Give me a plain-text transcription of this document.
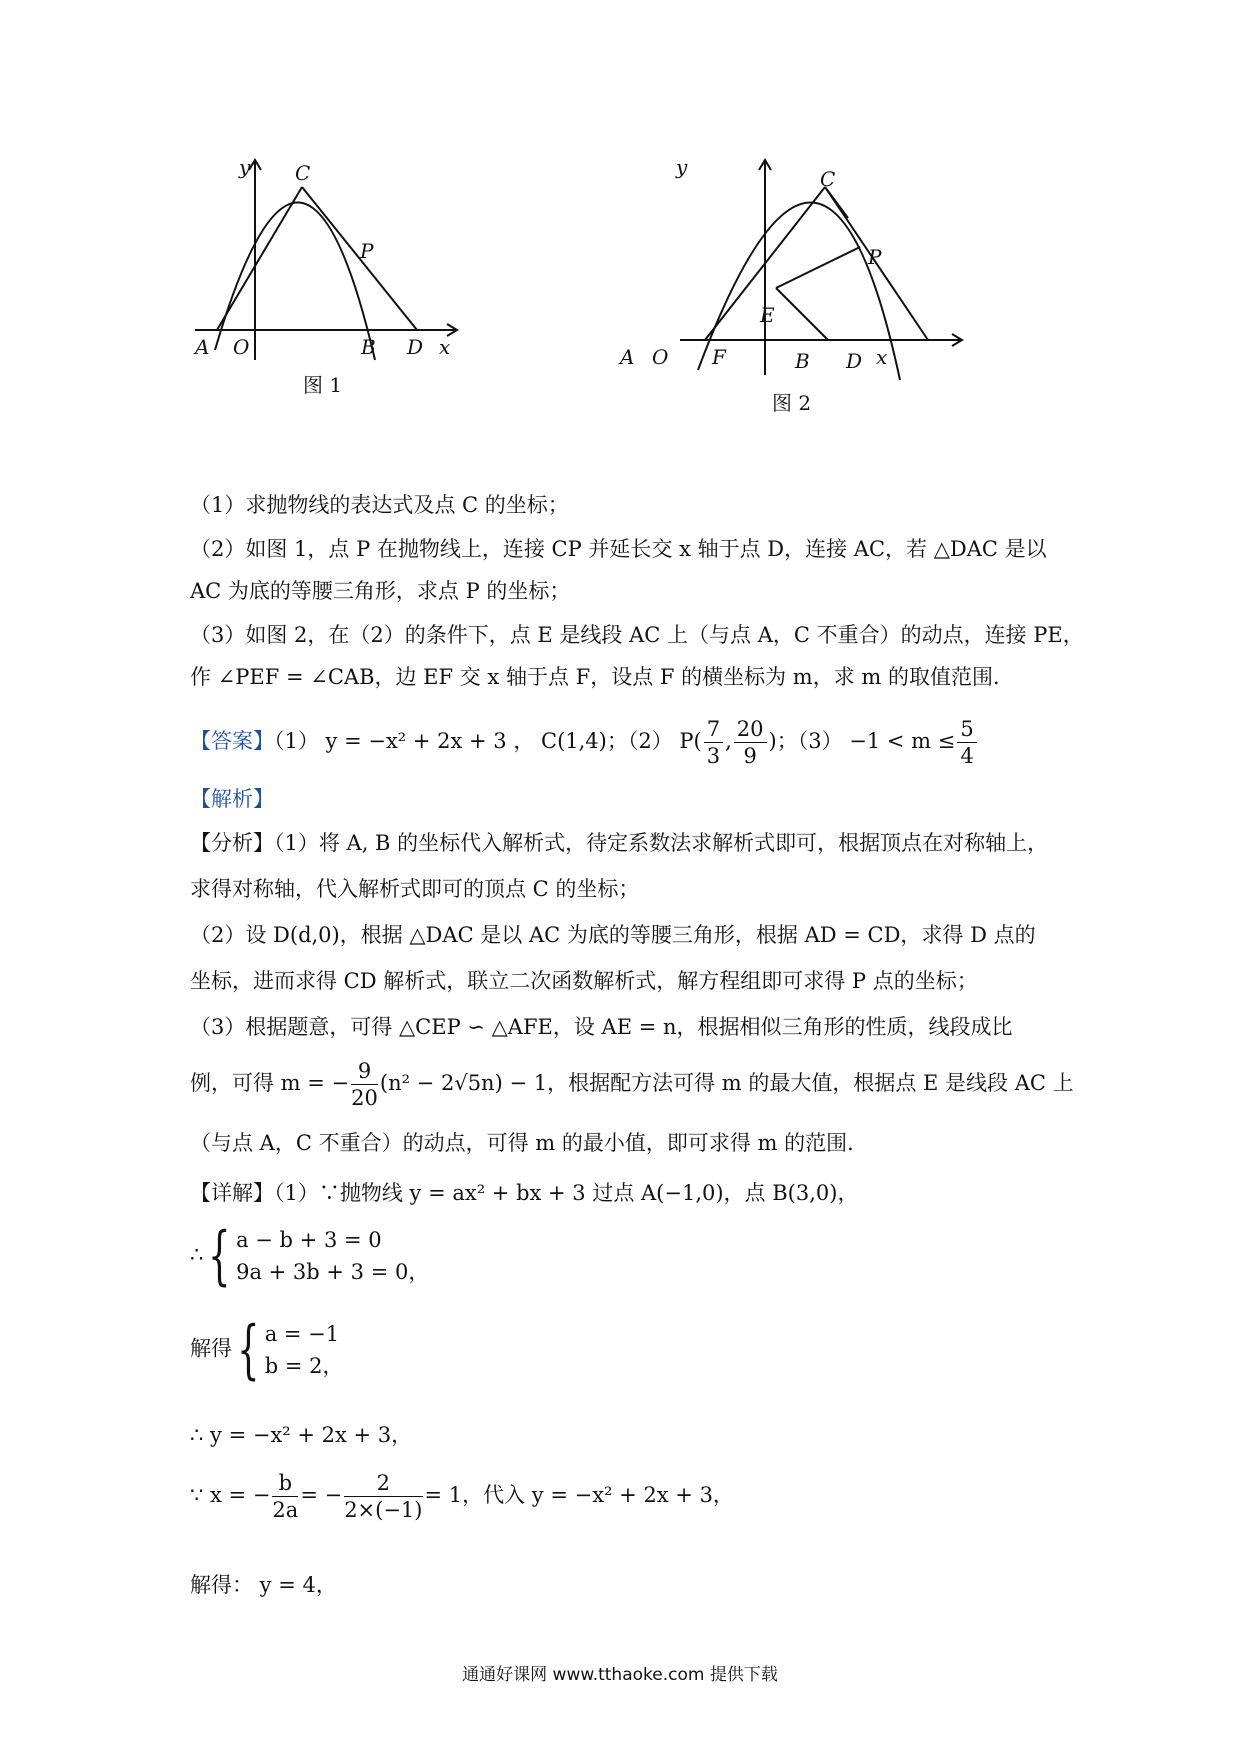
y C
P
A O	B D x
图 1
y	C
P
E
A O F	B D x
图 2
（1）求抛物线的表达式及点 C 的坐标；
（2）如图 1，点 P 在抛物线上，连接 CP 并延长交 x 轴于点 D，连接 AC，若 △DAC 是以
AC 为底的等腰三角形，求点 P 的坐标；
（3）如图 2，在（2）的条件下，点 E 是线段 AC 上（与点 A，C 不重合）的动点，连接 PE，
作 ∠PEF = ∠CAB，边 EF 交 x 轴于点 F，设点 F 的横坐标为 m，求 m 的取值范围．
【答案】（1） y = −x² + 2x + 3 ， C(1,4)；（2） $P( \frac{7}{3}$ , $\frac{20}{9}$ )；$(3) -1 < m \le \frac{5}{4}$
【解析】
【分析】（1）将 A, B 的坐标代入解析式，待定系数法求解析式即可，根据顶点在对称轴上，
求得对称轴，代入解析式即可的顶点 C 的坐标；
（2）设 D(d,0)，根据 △DAC 是以 AC 为底的等腰三角形，根据 AD = CD，求得 D 点的
坐标，进而求得 CD 解析式，联立二次函数解析式，解方程组即可求得 P 点的坐标；
（3）根据题意，可得 △CEP ∽ △AFE，设 AE = n，根据相似三角形的性质，线段成比
例，可得 m = − $\frac{9}{20} (n^2 - 2√5n) - 1$，根据配方法可得 m 的最大值，根据点 E 是线段 AC 上
（与点 A，C 不重合）的动点，可得 m 的最小值，即可求得 m 的范围．
【详解】（1）∵抛物线 y = ax² + bx + 3 过点 A(−1,0)，点 B(3,0)，
∴{ a − b + 3 = 0
9a + 3b + 3 = 0，
解得{ a = −1
b = 2，
∴ y = −x² + 2x + 3，
∵ x = − $\frac{b}{2a}$ = − $\frac{2}{2\times(-1)} = 1$，代入 y = −x² + 2x + 3，
解得： y = 4，
通通好课网 www.tthaoke.com 提供下载
